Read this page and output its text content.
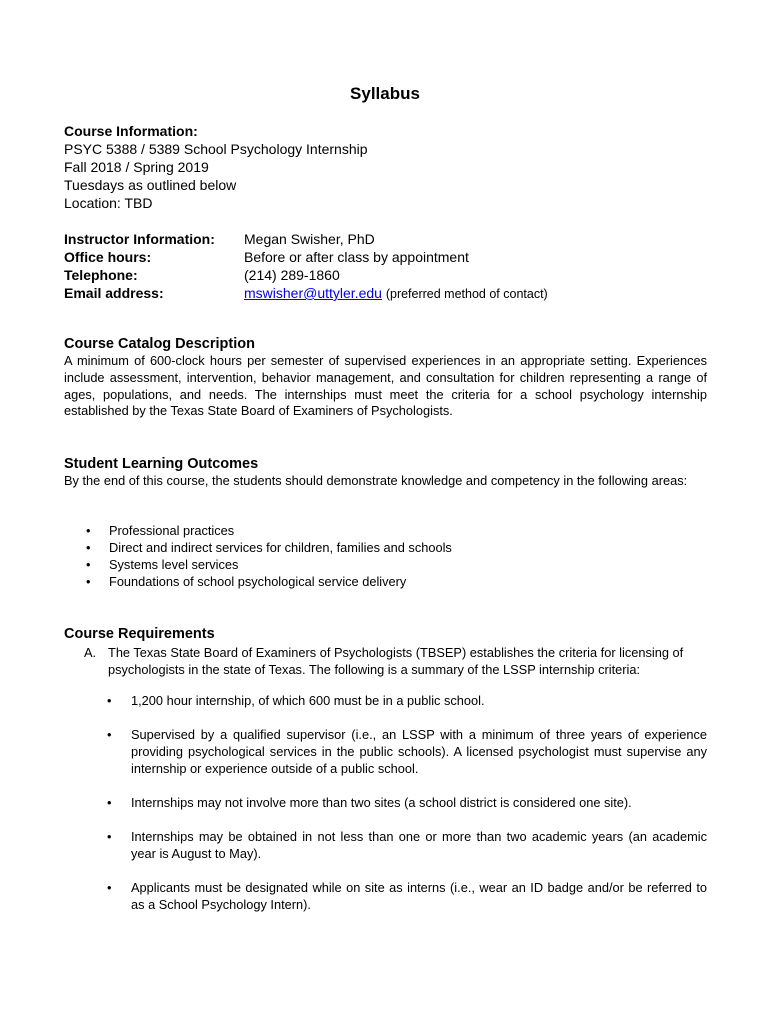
Syllabus
Course Information:
PSYC 5388 / 5389 School Psychology Internship
Fall 2018 / Spring 2019
Tuesdays as outlined below
Location: TBD
Instructor Information:	Megan Swisher, PhD
Office hours:	Before or after class by appointment
Telephone:	(214) 289-1860
Email address:	mswisher@uttyler.edu (preferred method of contact)
Course Catalog Description
A minimum of 600-clock hours per semester of supervised experiences in an appropriate setting. Experiences include assessment, intervention, behavior management, and consultation for children representing a range of ages, populations, and needs. The internships must meet the criteria for a school psychology internship established by the Texas State Board of Examiners of Psychologists.
Student Learning Outcomes
By the end of this course, the students should demonstrate knowledge and competency in the following areas:
• Professional practices
• Direct and indirect services for children, families and schools
• Systems level services
• Foundations of school psychological service delivery
Course Requirements
A. The Texas State Board of Examiners of Psychologists (TBSEP) establishes the criteria for licensing of psychologists in the state of Texas. The following is a summary of the LSSP internship criteria:
• 1,200 hour internship, of which 600 must be in a public school.
• Supervised by a qualified supervisor (i.e., an LSSP with a minimum of three years of experience providing psychological services in the public schools). A licensed psychologist must supervise any internship or experience outside of a public school.
• Internships may not involve more than two sites (a school district is considered one site).
• Internships may be obtained in not less than one or more than two academic years (an academic year is August to May).
• Applicants must be designated while on site as interns (i.e., wear an ID badge and/or be referred to as a School Psychology Intern).
